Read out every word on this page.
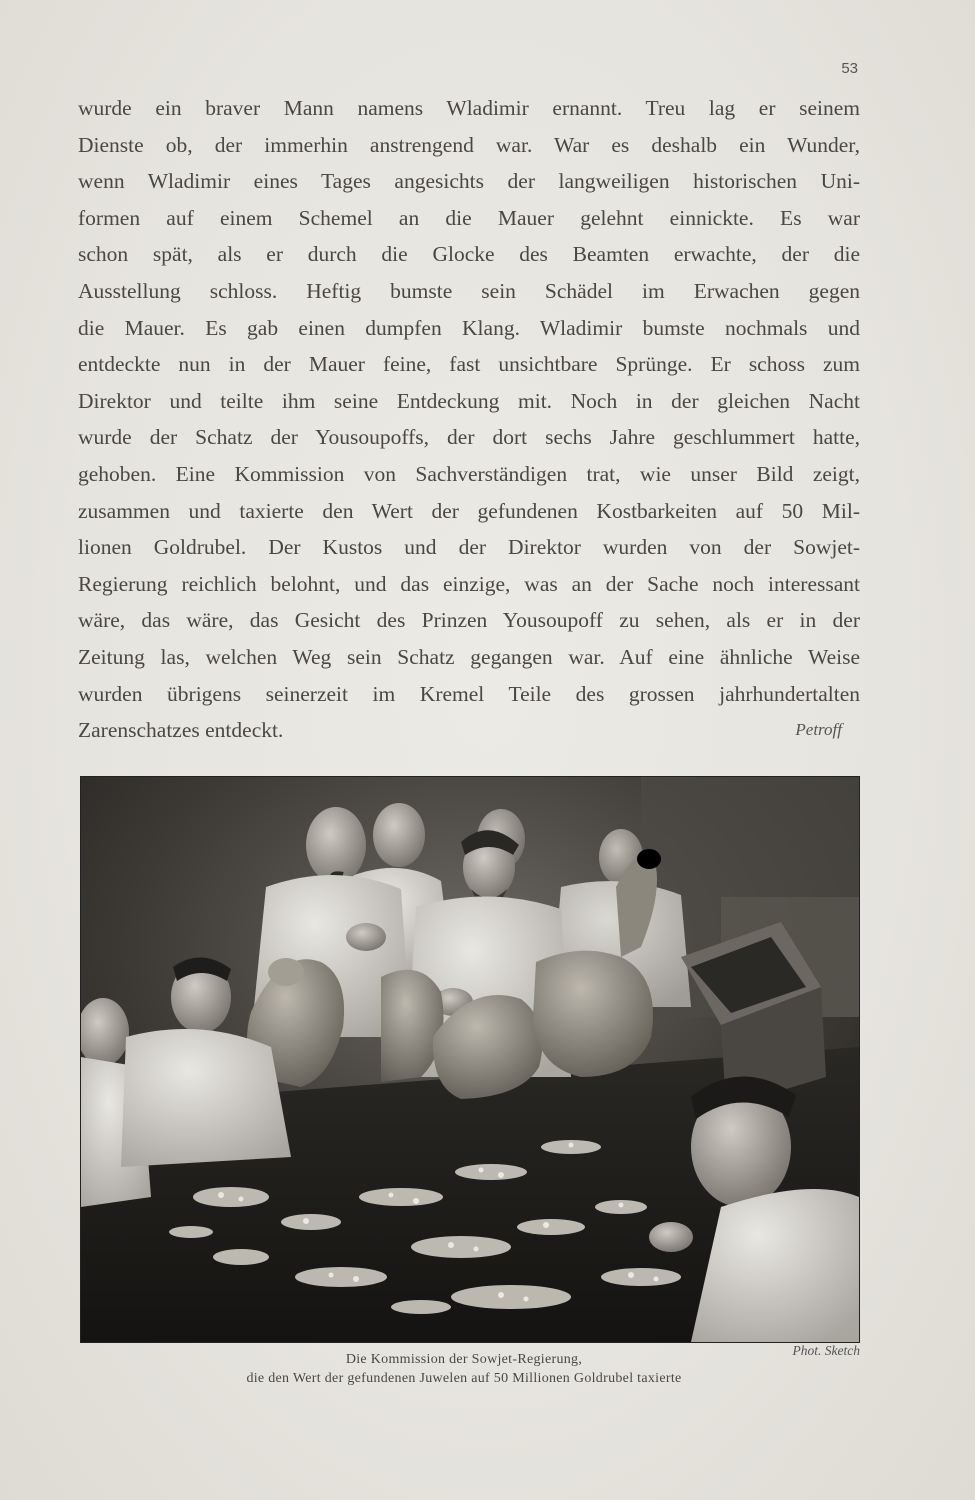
53
wurde ein braver Mann namens Wladimir ernannt. Treu lag er seinem
Dienste ob, der immerhin anstrengend war. War es deshalb ein Wunder,
wenn Wladimir eines Tages angesichts der langweiligen historischen Uni-
formen auf einem Schemel an die Mauer gelehnt einnickte. Es war
schon spät, als er durch die Glocke des Beamten erwachte, der die
Ausstellung schloss. Heftig bumste sein Schädel im Erwachen gegen
die Mauer. Es gab einen dumpfen Klang. Wladimir bumste nochmals und
entdeckte nun in der Mauer feine, fast unsichtbare Sprünge. Er schoss zum
Direktor und teilte ihm seine Entdeckung mit. Noch in der gleichen Nacht
wurde der Schatz der Yousoupoffs, der dort sechs Jahre geschlummert hatte,
gehoben. Eine Kommission von Sachverständigen trat, wie unser Bild zeigt,
zusammen und taxierte den Wert der gefundenen Kostbarkeiten auf 50 Mil-
lionen Goldrubel. Der Kustos und der Direktor wurden von der Sowjet-
Regierung reichlich belohnt, und das einzige, was an der Sache noch interessant
wäre, das wäre, das Gesicht des Prinzen Yousoupoff zu sehen, als er in der
Zeitung las, welchen Weg sein Schatz gegangen war. Auf eine ähnliche Weise
wurden übrigens seinerzeit im Kremel Teile des grossen jahrhundertalten
Zarenschatzes entdeckt.	Petroff
Phot. Sketch
Die Kommission der Sowjet-Regierung,
die den Wert der gefundenen Juwelen auf 50 Millionen Goldrubel taxierte
